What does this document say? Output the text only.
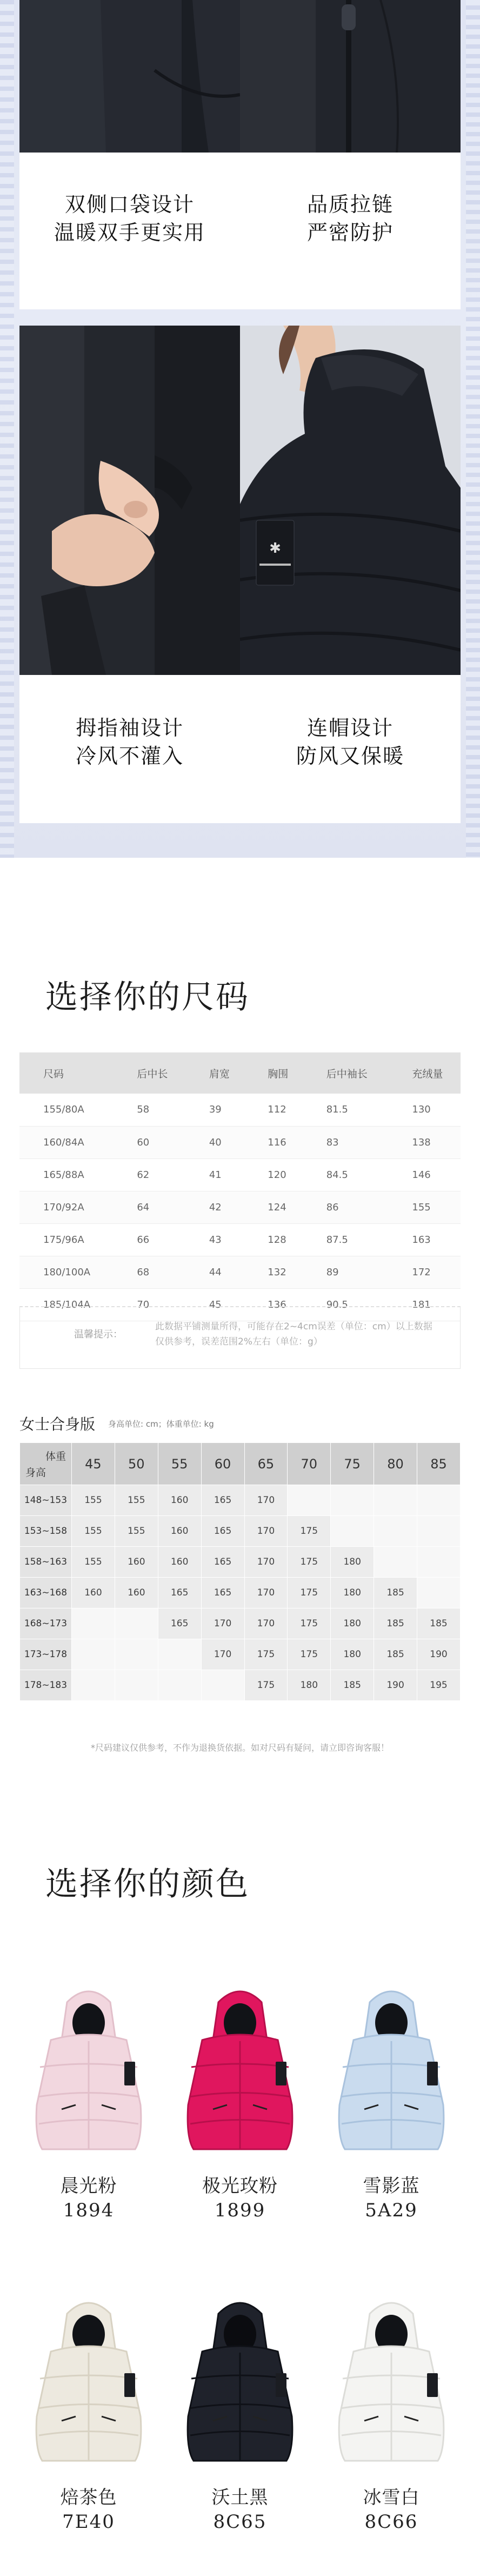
双侧口袋设计
温暖双手更实用
品质拉链
严密防护
拇指袖设计
冷风不灌入
✱
连帽设计
防风又保暖
选择你的尺码
尺码	后中长	肩宽	胸围	后中袖长	充绒量
155/80A	58	39	112	81.5	130
160/84A	60	40	116	83	138
165/88A	62	41	120	84.5	146
170/92A	64	42	124	86	155
175/96A	66	43	128	87.5	163
180/100A	68	44	132	89	172
185/104A	70	45	136	90.5	181
温馨提示：
此数据平铺测量所得，可能存在2~4cm误差（单位：cm）以上数据仅供参考，误差范围2%左右（单位：g）
女士合身版 身高单位: cm；体重单位: kg
体重
身高	45	50	55	60	65	70	75	80	85
148~153	155	155	160	165	170				
153~158	155	155	160	165	170	175			
158~163	155	160	160	165	170	175	180		
163~168	160	160	165	165	170	175	180	185	
168~173			165	170	170	175	180	185	185
173~178				170	175	175	180	185	190
178~183					175	180	185	190	195
*尺码建议仅供参考，不作为退换货依据。如对尺码有疑问，请立即咨询客服！
选择你的颜色
晨光粉
1894
极光玫粉
1899
雪影蓝
5A29
焙茶色
7E40
沃土黑
8C65
冰雪白
8C66
